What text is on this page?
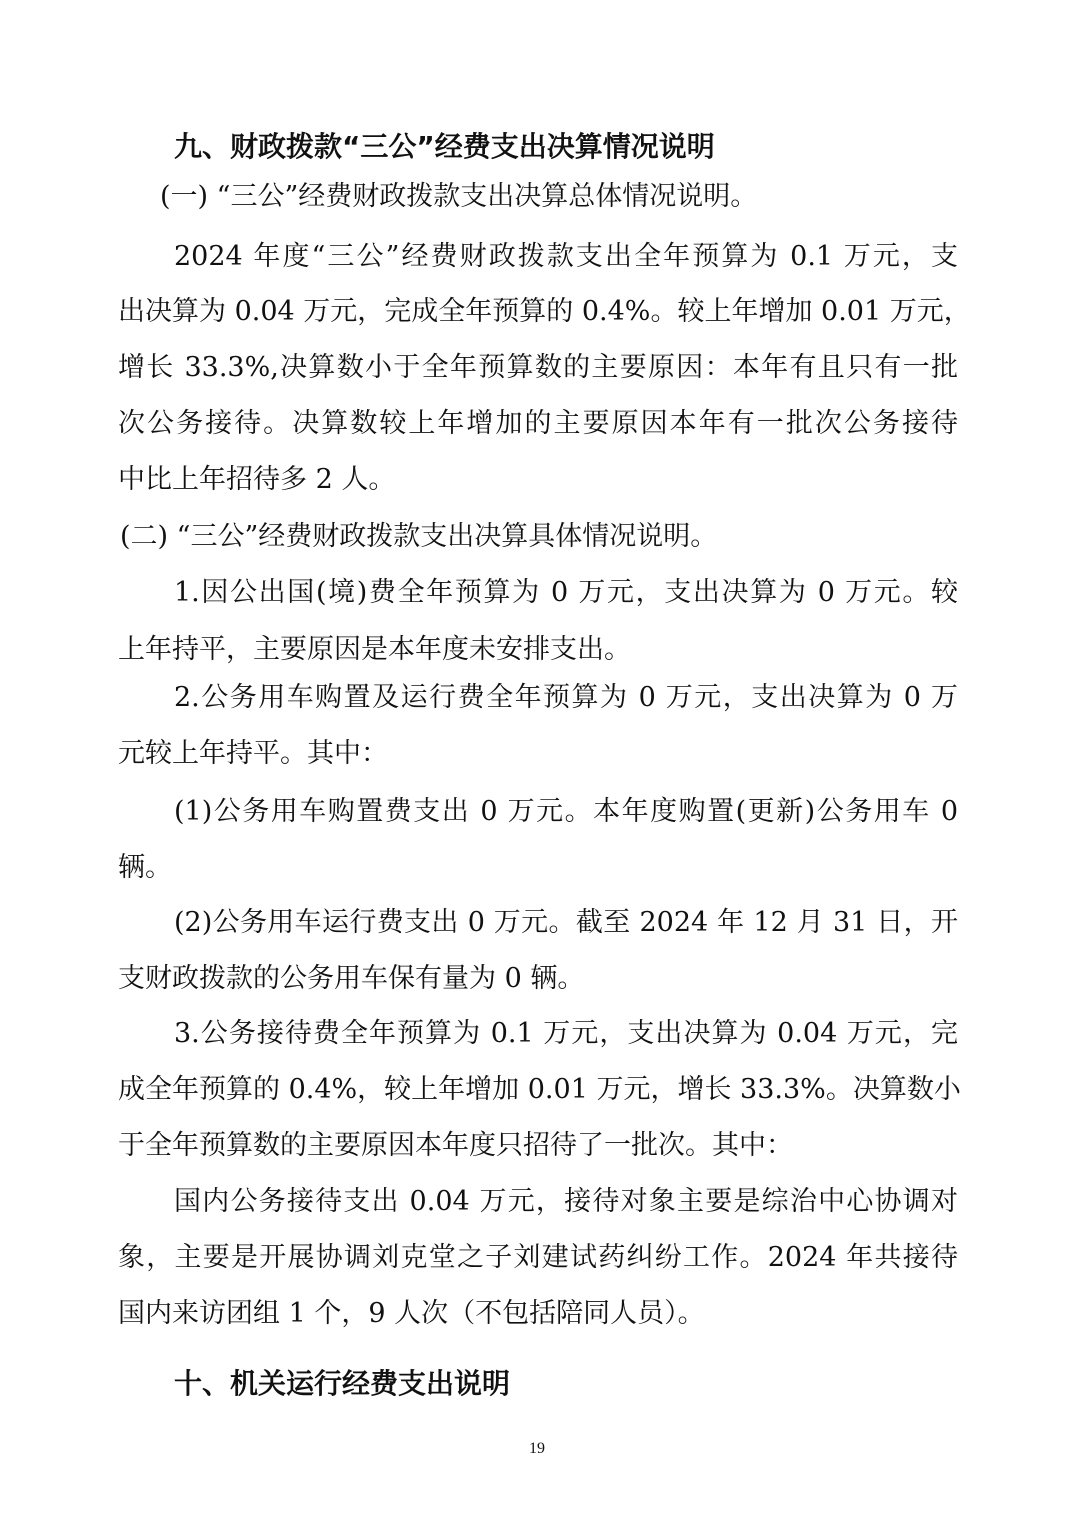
九、财政拨款“三公”经费支出决算情况说明

(一) “三公”经费财政拨款支出决算总体情况说明。

2024 年度“三公”经费财政拨款支出全年预算为 0.1 万元，支

出决算为 0.04 万元，完成全年预算的 0.4%。较上年增加 0.01 万元，

增长 33.3%,决算数小于全年预算数的主要原因：本年有且只有一批

次公务接待。决算数较上年增加的主要原因本年有一批次公务接待

中比上年招待多 2 人。

(二) “三公”经费财政拨款支出决算具体情况说明。

1.因公出国(境)费全年预算为 0 万元，支出决算为 0 万元。较

上年持平，主要原因是本年度未安排支出。

2.公务用车购置及运行费全年预算为 0 万元，支出决算为 0 万

元较上年持平。其中：

(1)公务用车购置费支出 0 万元。本年度购置(更新)公务用车 0

辆。

(2)公务用车运行费支出 0 万元。截至 2024 年 12 月 31 日，开

支财政拨款的公务用车保有量为 0 辆。

3.公务接待费全年预算为 0.1 万元，支出决算为 0.04 万元，完

成全年预算的 0.4%，较上年增加 0.01 万元，增长 33.3%。决算数小

于全年预算数的主要原因本年度只招待了一批次。其中：

国内公务接待支出 0.04 万元，接待对象主要是综治中心协调对

象，主要是开展协调刘克堂之子刘建试药纠纷工作。2024 年共接待

国内来访团组 1 个，9 人次（不包括陪同人员）。

十、机关运行经费支出说明

19
